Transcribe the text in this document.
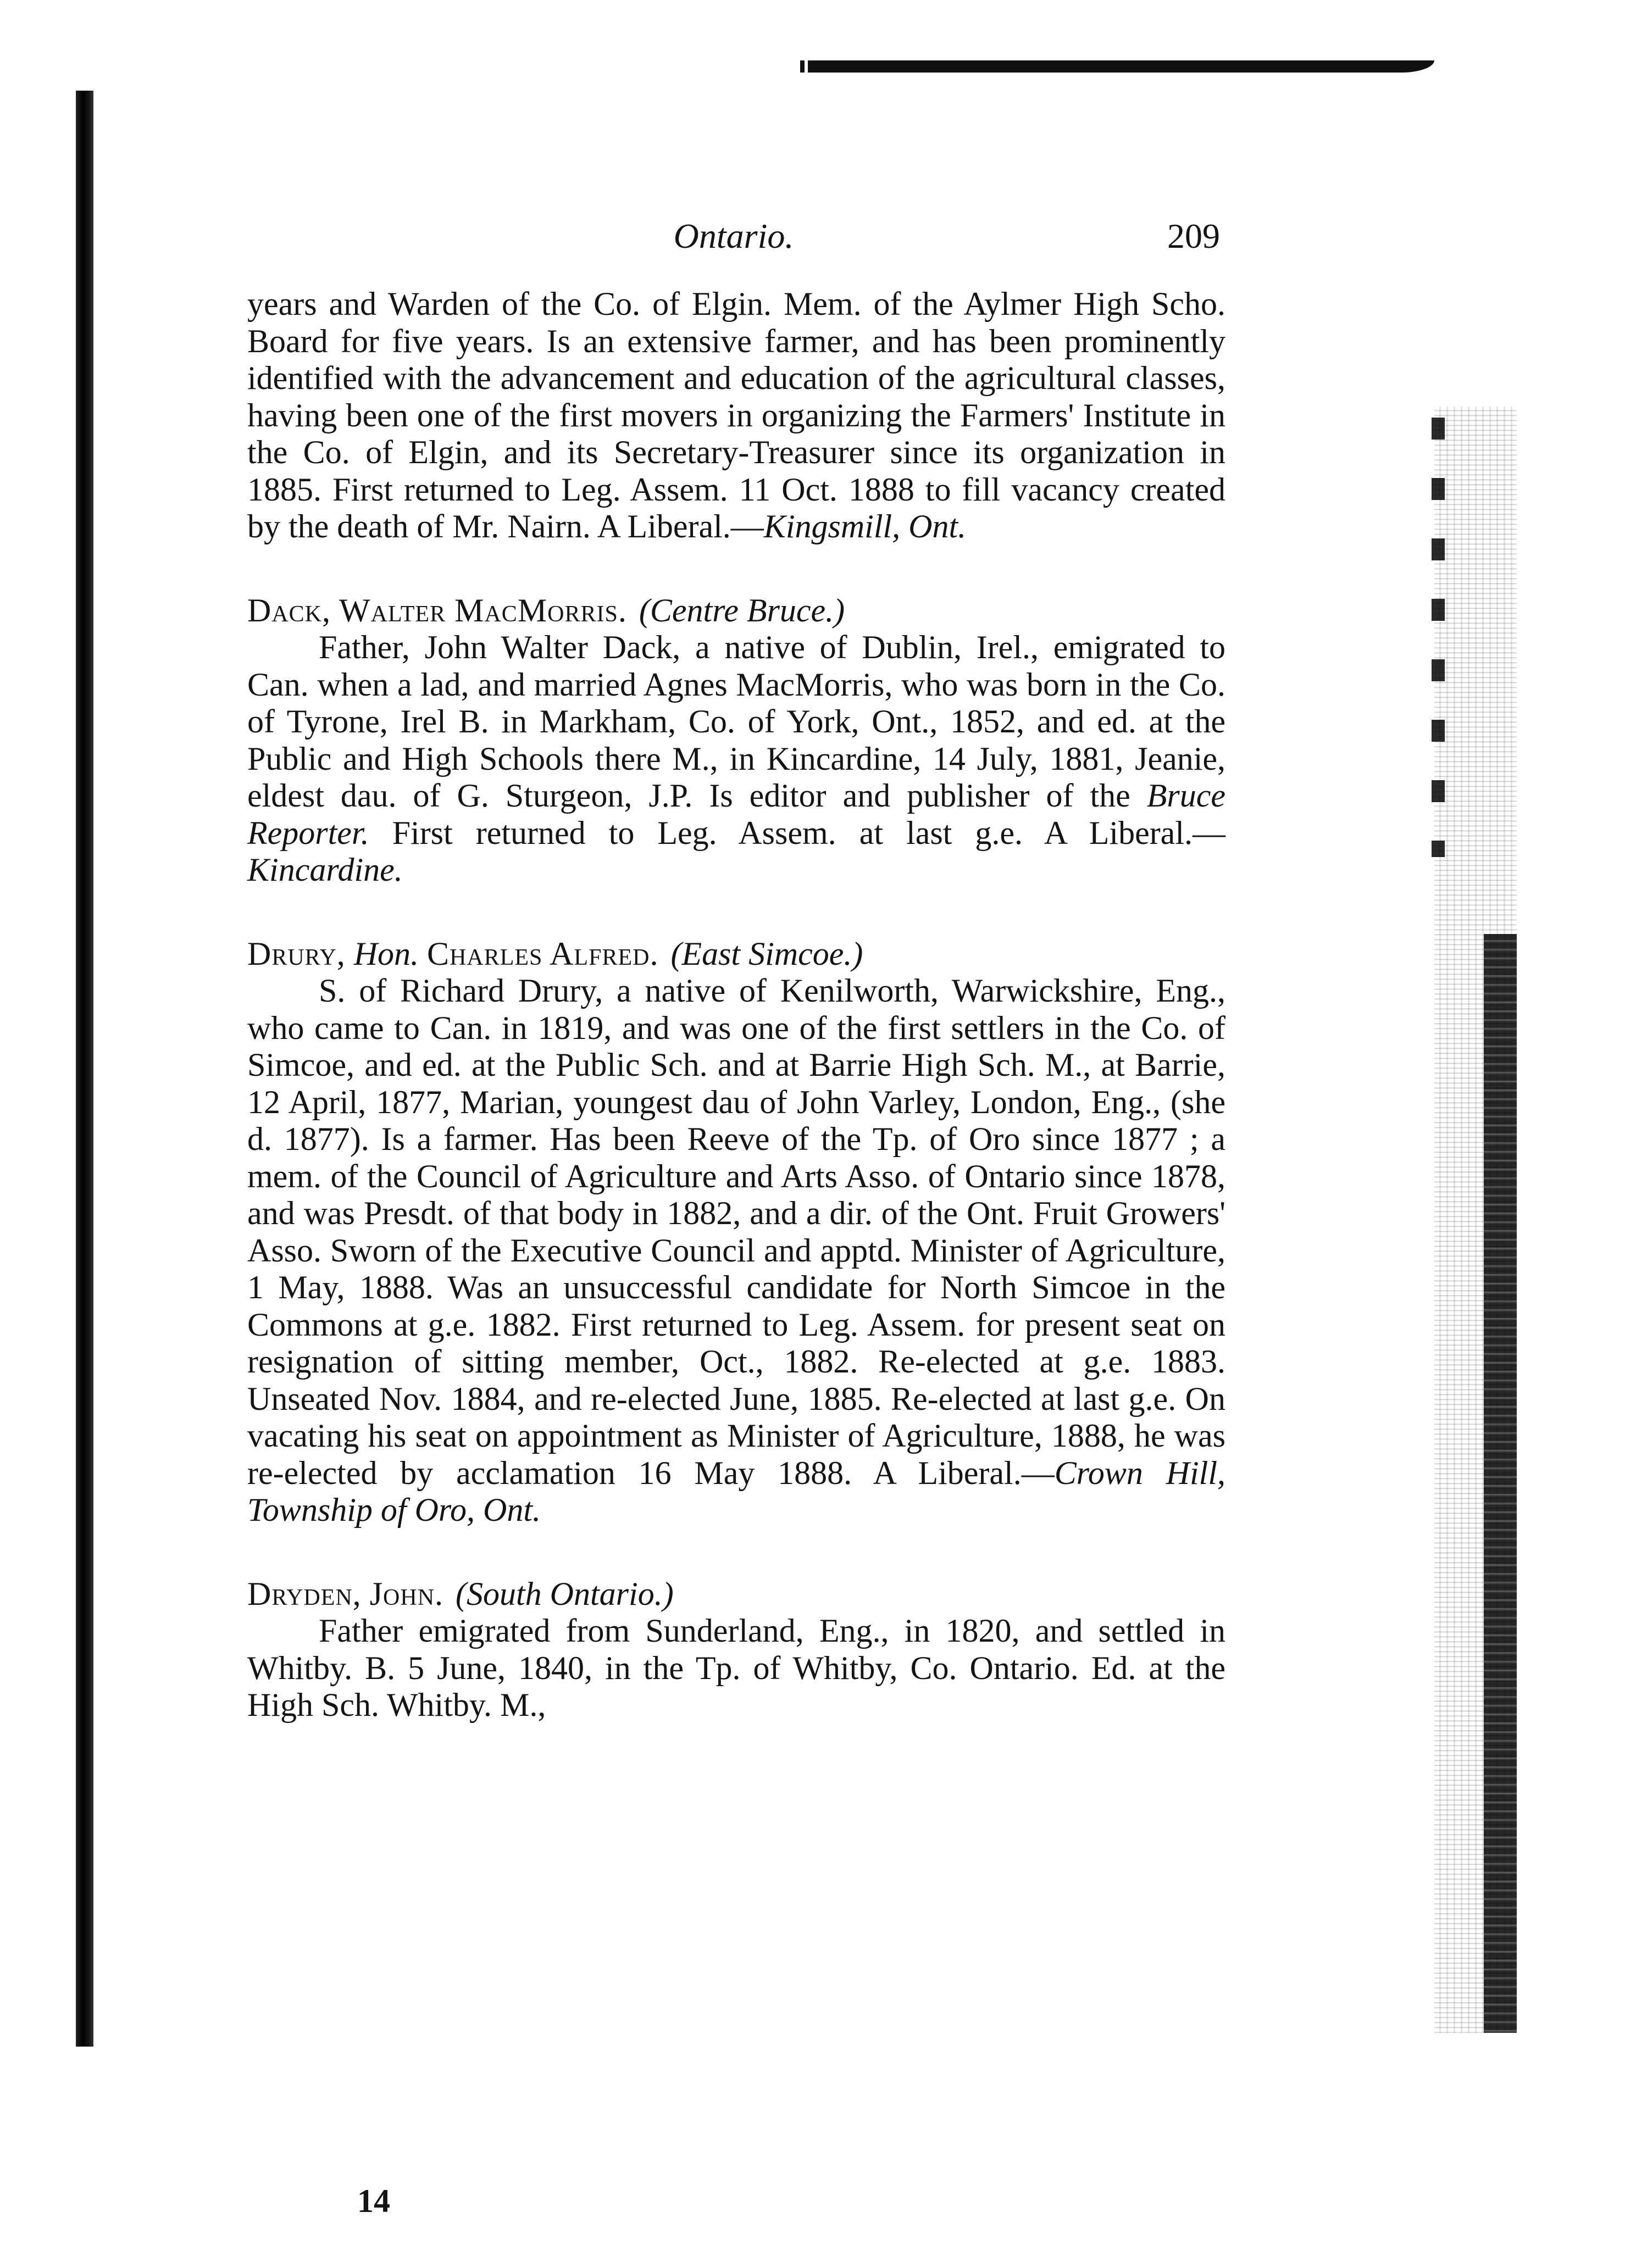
Ontario.	209

years and Warden of the Co. of Elgin. Mem. of the Aylmer High Scho. Board for five years. Is an extensive farmer, and has been prominently identified with the advancement and education of the agricultural classes, having been one of the first movers in organizing the Farmers' Institute in the Co. of Elgin, and its Secretary-Treasurer since its organization in 1885. First returned to Leg. Assem. 11 Oct. 1888 to fill vacancy created by the death of Mr. Nairn. A Liberal.—Kingsmill, Ont.

Dack, Walter MacMorris. (Centre Bruce.)

Father, John Walter Dack, a native of Dublin, Irel., emigrated to Can. when a lad, and married Agnes MacMorris, who was born in the Co. of Tyrone, Irel B. in Markham, Co. of York, Ont., 1852, and ed. at the Public and High Schools there M., in Kincardine, 14 July, 1881, Jeanie, eldest dau. of G. Sturgeon, J.P. Is editor and publisher of the Bruce Reporter. First returned to Leg. Assem. at last g.e. A Liberal.—Kincardine.

Drury, Hon. Charles Alfred. (East Simcoe.)

S. of Richard Drury, a native of Kenilworth, Warwickshire, Eng., who came to Can. in 1819, and was one of the first settlers in the Co. of Simcoe, and ed. at the Public Sch. and at Barrie High Sch. M., at Barrie, 12 April, 1877, Marian, youngest dau of John Varley, London, Eng., (she d. 1877). Is a farmer. Has been Reeve of the Tp. of Oro since 1877 ; a mem. of the Council of Agriculture and Arts Asso. of Ontario since 1878, and was Presdt. of that body in 1882, and a dir. of the Ont. Fruit Growers' Asso. Sworn of the Executive Council and apptd. Minister of Agriculture, 1 May, 1888. Was an unsuccessful candidate for North Simcoe in the Commons at g.e. 1882. First returned to Leg. Assem. for present seat on resignation of sitting member, Oct., 1882. Re-elected at g.e. 1883. Unseated Nov. 1884, and re-elected June, 1885. Re-elected at last g.e. On vacating his seat on appointment as Minister of Agriculture, 1888, he was re-elected by acclamation 16 May 1888. A Liberal.—Crown Hill, Township of Oro, Ont.

Dryden, John. (South Ontario.)

Father emigrated from Sunderland, Eng., in 1820, and settled in Whitby. B. 5 June, 1840, in the Tp. of Whitby, Co. Ontario. Ed. at the High Sch. Whitby. M.,

14
